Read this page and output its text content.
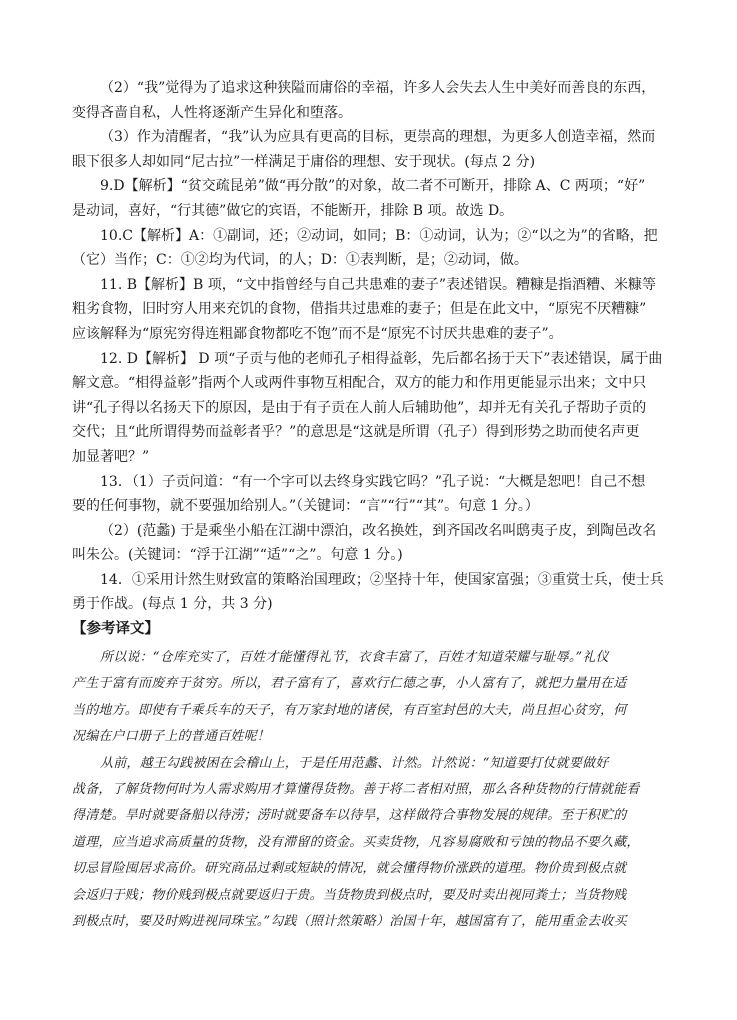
（2）“我”觉得为了追求这种狭隘而庸俗的幸福，许多人会失去人生中美好而善良的东西，
变得吝啬自私，人性将逐渐产生异化和堕落。
（3）作为清醒者，“我”认为应具有更高的目标，更崇高的理想，为更多人创造幸福，然而
眼下很多人却如同“尼古拉”一样满足于庸俗的理想、安于现状。(每点 2 分)
9.D【解析】“贫交疏昆弟”做“再分散”的对象，故二者不可断开，排除 A、C 两项；“好”
是动词，喜好，“行其德”做它的宾语，不能断开，排除 B 项。故选 D。
10.C【解析】A：①副词，还；②动词，如同；B：①动词，认为；②“以之为”的省略，把
（它）当作；C：①②均为代词，的人；D：①表判断，是；②动词，做。
11. B【解析】B 项，“文中指曾经与自己共患难的妻子”表述错误。糟糠是指酒糟、米糠等
粗劣食物，旧时穷人用来充饥的食物，借指共过患难的妻子；但是在此文中，“原宪不厌糟糠”
应该解释为“原宪穷得连粗鄙食物都吃不饱”而不是“原宪不讨厌共患难的妻子”。
12. D【解析】 D 项“子贡与他的老师孔子相得益彰，先后都名扬于天下”表述错误，属于曲
解文意。“相得益彰”指两个人或两件事物互相配合，双方的能力和作用更能显示出来；文中只
讲“孔子得以名扬天下的原因，是由于有子贡在人前人后辅助他”，却并无有关孔子帮助子贡的
交代；且“此所谓得势而益彰者乎？”的意思是“这就是所谓（孔子）得到形势之助而使名声更
加显著吧？”
13．（1）子贡问道：“有一个字可以去终身实践它吗？”孔子说：“大概是恕吧！自己不想
要的任何事物，就不要强加给别人。”（关键词：“言”“行”“其”。句意 1 分。）
（2）(范蠡) 于是乘坐小船在江湖中漂泊，改名换姓，到齐国改名叫鸱夷子皮，到陶邑改名
叫朱公。(关键词：“浮于江湖”“适”“之”。句意 1 分。)
14．①采用计然生财致富的策略治国理政；②坚持十年，使国家富强；③重赏士兵，使士兵
勇于作战。(每点 1 分，共 3 分)
【参考译文】
所以说：“仓库充实了，百姓才能懂得礼节，衣食丰富了，百姓才知道荣耀与耻辱。”礼仪
产生于富有而废弃于贫穷。所以，君子富有了，喜欢行仁德之事，小人富有了，就把力量用在适
当的地方。即使有千乘兵车的天子，有万家封地的诸侯，有百室封邑的大夫，尚且担心贫穷，何
况编在户口册子上的普通百姓呢！
从前，越王勾践被困在会稽山上，于是任用范蠡、计然。计然说：“知道要打仗就要做好
战备，了解货物何时为人需求购用才算懂得货物。善于将二者相对照，那么各种货物的行情就能看
得清楚。旱时就要备船以待涝；涝时就要备车以待旱，这样做符合事物发展的规律。至于积贮的
道理，应当追求高质量的货物，没有滞留的资金。买卖货物，凡容易腐败和亏蚀的物品不要久藏，
切忌冒险囤居求高价。研究商品过剩或短缺的情况，就会懂得物价涨跌的道理。物价贵到极点就
会返归于贱；物价贱到极点就要返归于贵。当货物贵到极点时，要及时卖出视同粪土；当货物贱
到极点时，要及时购进视同珠宝。”勾践（照计然策略）治国十年，越国富有了，能用重金去收买
